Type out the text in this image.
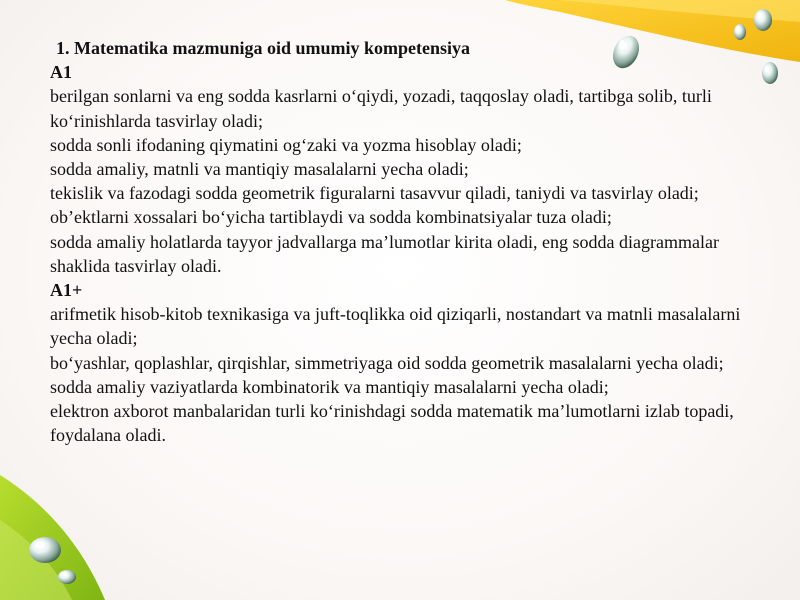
1. Matematika mazmuniga oid umumiy kompetensiya
A1
berilgan sonlarni va eng sodda kasrlarni o‘qiydi, yozadi, taqqoslay oladi, tartibga solib, turli ko‘rinishlarda tasvirlay oladi;
sodda sonli ifodaning qiymatini og‘zaki va yozma hisoblay oladi;
sodda amaliy, matnli va mantiqiy masalalarni yecha oladi;
tekislik va fazodagi sodda geometrik figuralarni tasavvur qiladi, taniydi va tasvirlay oladi;
ob’ektlarni xossalari bo‘yicha tartiblaydi va sodda kombinatsiyalar tuza oladi;
sodda amaliy holatlarda tayyor jadvallarga ma’lumotlar kirita oladi, eng sodda diagrammalar shaklida tasvirlay oladi.
A1+
arifmetik hisob-kitob texnikasiga va juft-toqlikka oid qiziqarli, nostandart va matnli masalalarni yecha oladi;
bo‘yashlar, qoplashlar, qirqishlar, simmetriyaga oid sodda geometrik masalalarni yecha oladi;
sodda amaliy vaziyatlarda kombinatorik va mantiqiy masalalarni yecha oladi;
elektron axborot manbalaridan turli ko‘rinishdagi sodda matematik ma’lumotlarni izlab topadi, foydalana oladi.
